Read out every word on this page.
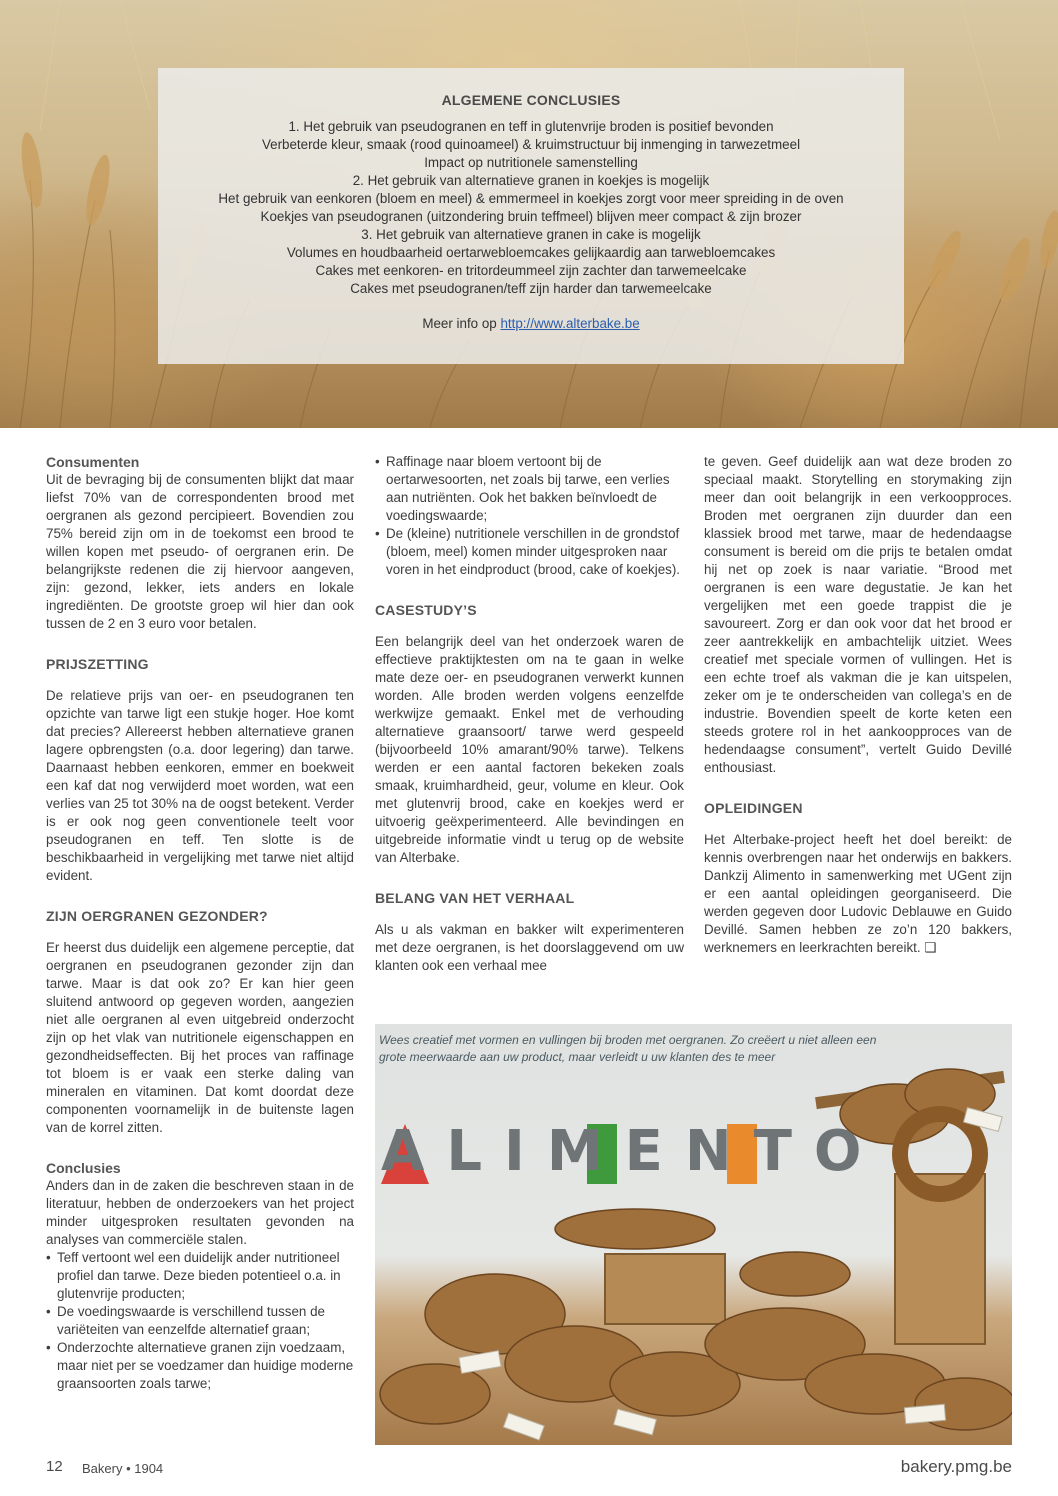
ALGEMENE CONCLUSIES
1. Het gebruik van pseudogranen en teff in glutenvrije broden is positief bevonden
Verbeterde kleur, smaak (rood quinoameel) & kruimstructuur bij inmenging in tarwezetmeel
Impact op nutritionele samenstelling
2. Het gebruik van alternatieve granen in koekjes is mogelijk
Het gebruik van eenkoren (bloem en meel) & emmermeel in koekjes zorgt voor meer spreiding in de oven
Koekjes van pseudogranen (uitzondering bruin teffmeel) blijven meer compact & zijn brozer
3. Het gebruik van alternatieve granen in cake is mogelijk
Volumes en houdbaarheid oertarwebloemcakes gelijkaardig aan tarwebloemcakes
Cakes met eenkoren- en tritordeummeel zijn zachter dan tarwemeelcake
Cakes met pseudogranen/teff zijn harder dan tarwemeelcake
Meer info op http://www.alterbake.be
Consumenten

Uit de bevraging bij de consumenten blijkt dat maar liefst 70% van de correspondenten brood met oergranen als gezond percipieert. Bovendien zou 75% bereid zijn om in de toekomst een brood te willen kopen met pseudo- of oergranen erin. De belangrijkste redenen die zij hiervoor aangeven, zijn: gezond, lekker, iets anders en lokale ingrediënten. De grootste groep wil hier dan ook tussen de 2 en 3 euro voor betalen.

PRIJSZETTING

De relatieve prijs van oer- en pseudogranen ten opzichte van tarwe ligt een stukje hoger. Hoe komt dat precies? Allereerst hebben alternatieve granen lagere opbrengsten (o.a. door legering) dan tarwe. Daarnaast hebben eenkoren, emmer en boekweit een kaf dat nog verwijderd moet worden, wat een verlies van 25 tot 30% na de oogst betekent. Verder is er ook nog geen conventionele teelt voor pseudogranen en teff. Ten slotte is de beschikbaarheid in vergelijking met tarwe niet altijd evident.

ZIJN OERGRANEN GEZONDER?

Er heerst dus duidelijk een algemene perceptie, dat oergranen en pseudogranen gezonder zijn dan tarwe. Maar is dat ook zo? Er kan hier geen sluitend antwoord op gegeven worden, aangezien niet alle oergranen al even uitgebreid onderzocht zijn op het vlak van nutritionele eigenschappen en gezondheidseffecten. Bij het proces van raffinage tot bloem is er vaak een sterke daling van mineralen en vitaminen. Dat komt doordat deze componenten voornamelijk in de buitenste lagen van de korrel zitten.

Conclusies

Anders dan in de zaken die beschreven staan in de literatuur, hebben de onderzoekers van het project minder uitgesproken resultaten gevonden na analyses van commerciële stalen.

• Teff vertoont wel een duidelijk ander nutritioneel profiel dan tarwe. Deze bieden potentieel o.a. in glutenvrije producten;
• De voedingswaarde is verschillend tussen de variëteiten van eenzelfde alternatief graan;
• Onderzochte alternatieve granen zijn voedzaam, maar niet per se voedzamer dan huidige moderne graansoorten zoals tarwe;
• Raffinage naar bloem vertoont bij de oertarwesoorten, net zoals bij tarwe, een verlies aan nutriënten. Ook het bakken beïnvloedt de voedingswaarde;
• De (kleine) nutritionele verschillen in de grondstof (bloem, meel) komen minder uitgesproken naar voren in het eindproduct (brood, cake of koekjes).
CASESTUDY’S

Een belangrijk deel van het onderzoek waren de effectieve praktijktesten om na te gaan in welke mate deze oer- en pseudogranen verwerkt kunnen worden. Alle broden werden volgens eenzelfde werkwijze gemaakt. Enkel met de verhouding alternatieve graansoort/ tarwe werd gespeeld (bijvoorbeeld 10% amarant/90% tarwe). Telkens werden er een aantal factoren bekeken zoals smaak, kruimhardheid, geur, volume en kleur. Ook met glutenvrij brood, cake en koekjes werd er uitvoerig geëxperimenteerd. Alle bevindingen en uitgebreide informatie vindt u terug op de website van Alterbake.

BELANG VAN HET VERHAAL

Als u als vakman en bakker wilt experimenteren met deze oergranen, is het doorslaggevend om uw klanten ook een verhaal mee

te geven. Geef duidelijk aan wat deze broden zo speciaal maakt. Storytelling en storymaking zijn meer dan ooit belangrijk in een verkoopproces. Broden met oergranen zijn duurder dan een klassiek brood met tarwe, maar de hedendaagse consument is bereid om die prijs te betalen omdat hij net op zoek is naar variatie. “Brood met oergranen is een ware degustatie. Je kan het vergelijken met een goede trappist die je savoureert. Zorg er dan ook voor dat het brood er zeer aantrekkelijk en ambachtelijk uitziet. Wees creatief met speciale vormen of vullingen. Het is een echte troef als vakman die je kan uitspelen, zeker om je te onderscheiden van collega’s en de industrie. Bovendien speelt de korte keten een steeds grotere rol in het aankoopproces van de hedendaagse consument”, vertelt Guido Devillé enthousiast.

OPLEIDINGEN

Het Alterbake-project heeft het doel bereikt: de kennis overbrengen naar het onderwijs en bakkers. Dankzij Alimento in samenwerking met UGent zijn er een aantal opleidingen georganiseerd. Die werden gegeven door Ludovic Deblauwe en Guido Devillé. Samen hebben ze zo’n 120 bakkers, werknemers en leerkrachten bereikt. ❑

ALIMENTO
Wees creatief met vormen en vullingen bij broden met oergranen. Zo creëert u niet alleen een grote meerwaarde aan uw product, maar verleidt u uw klanten des te meer
12 Bakery • 1904	bakery.pmg.be
